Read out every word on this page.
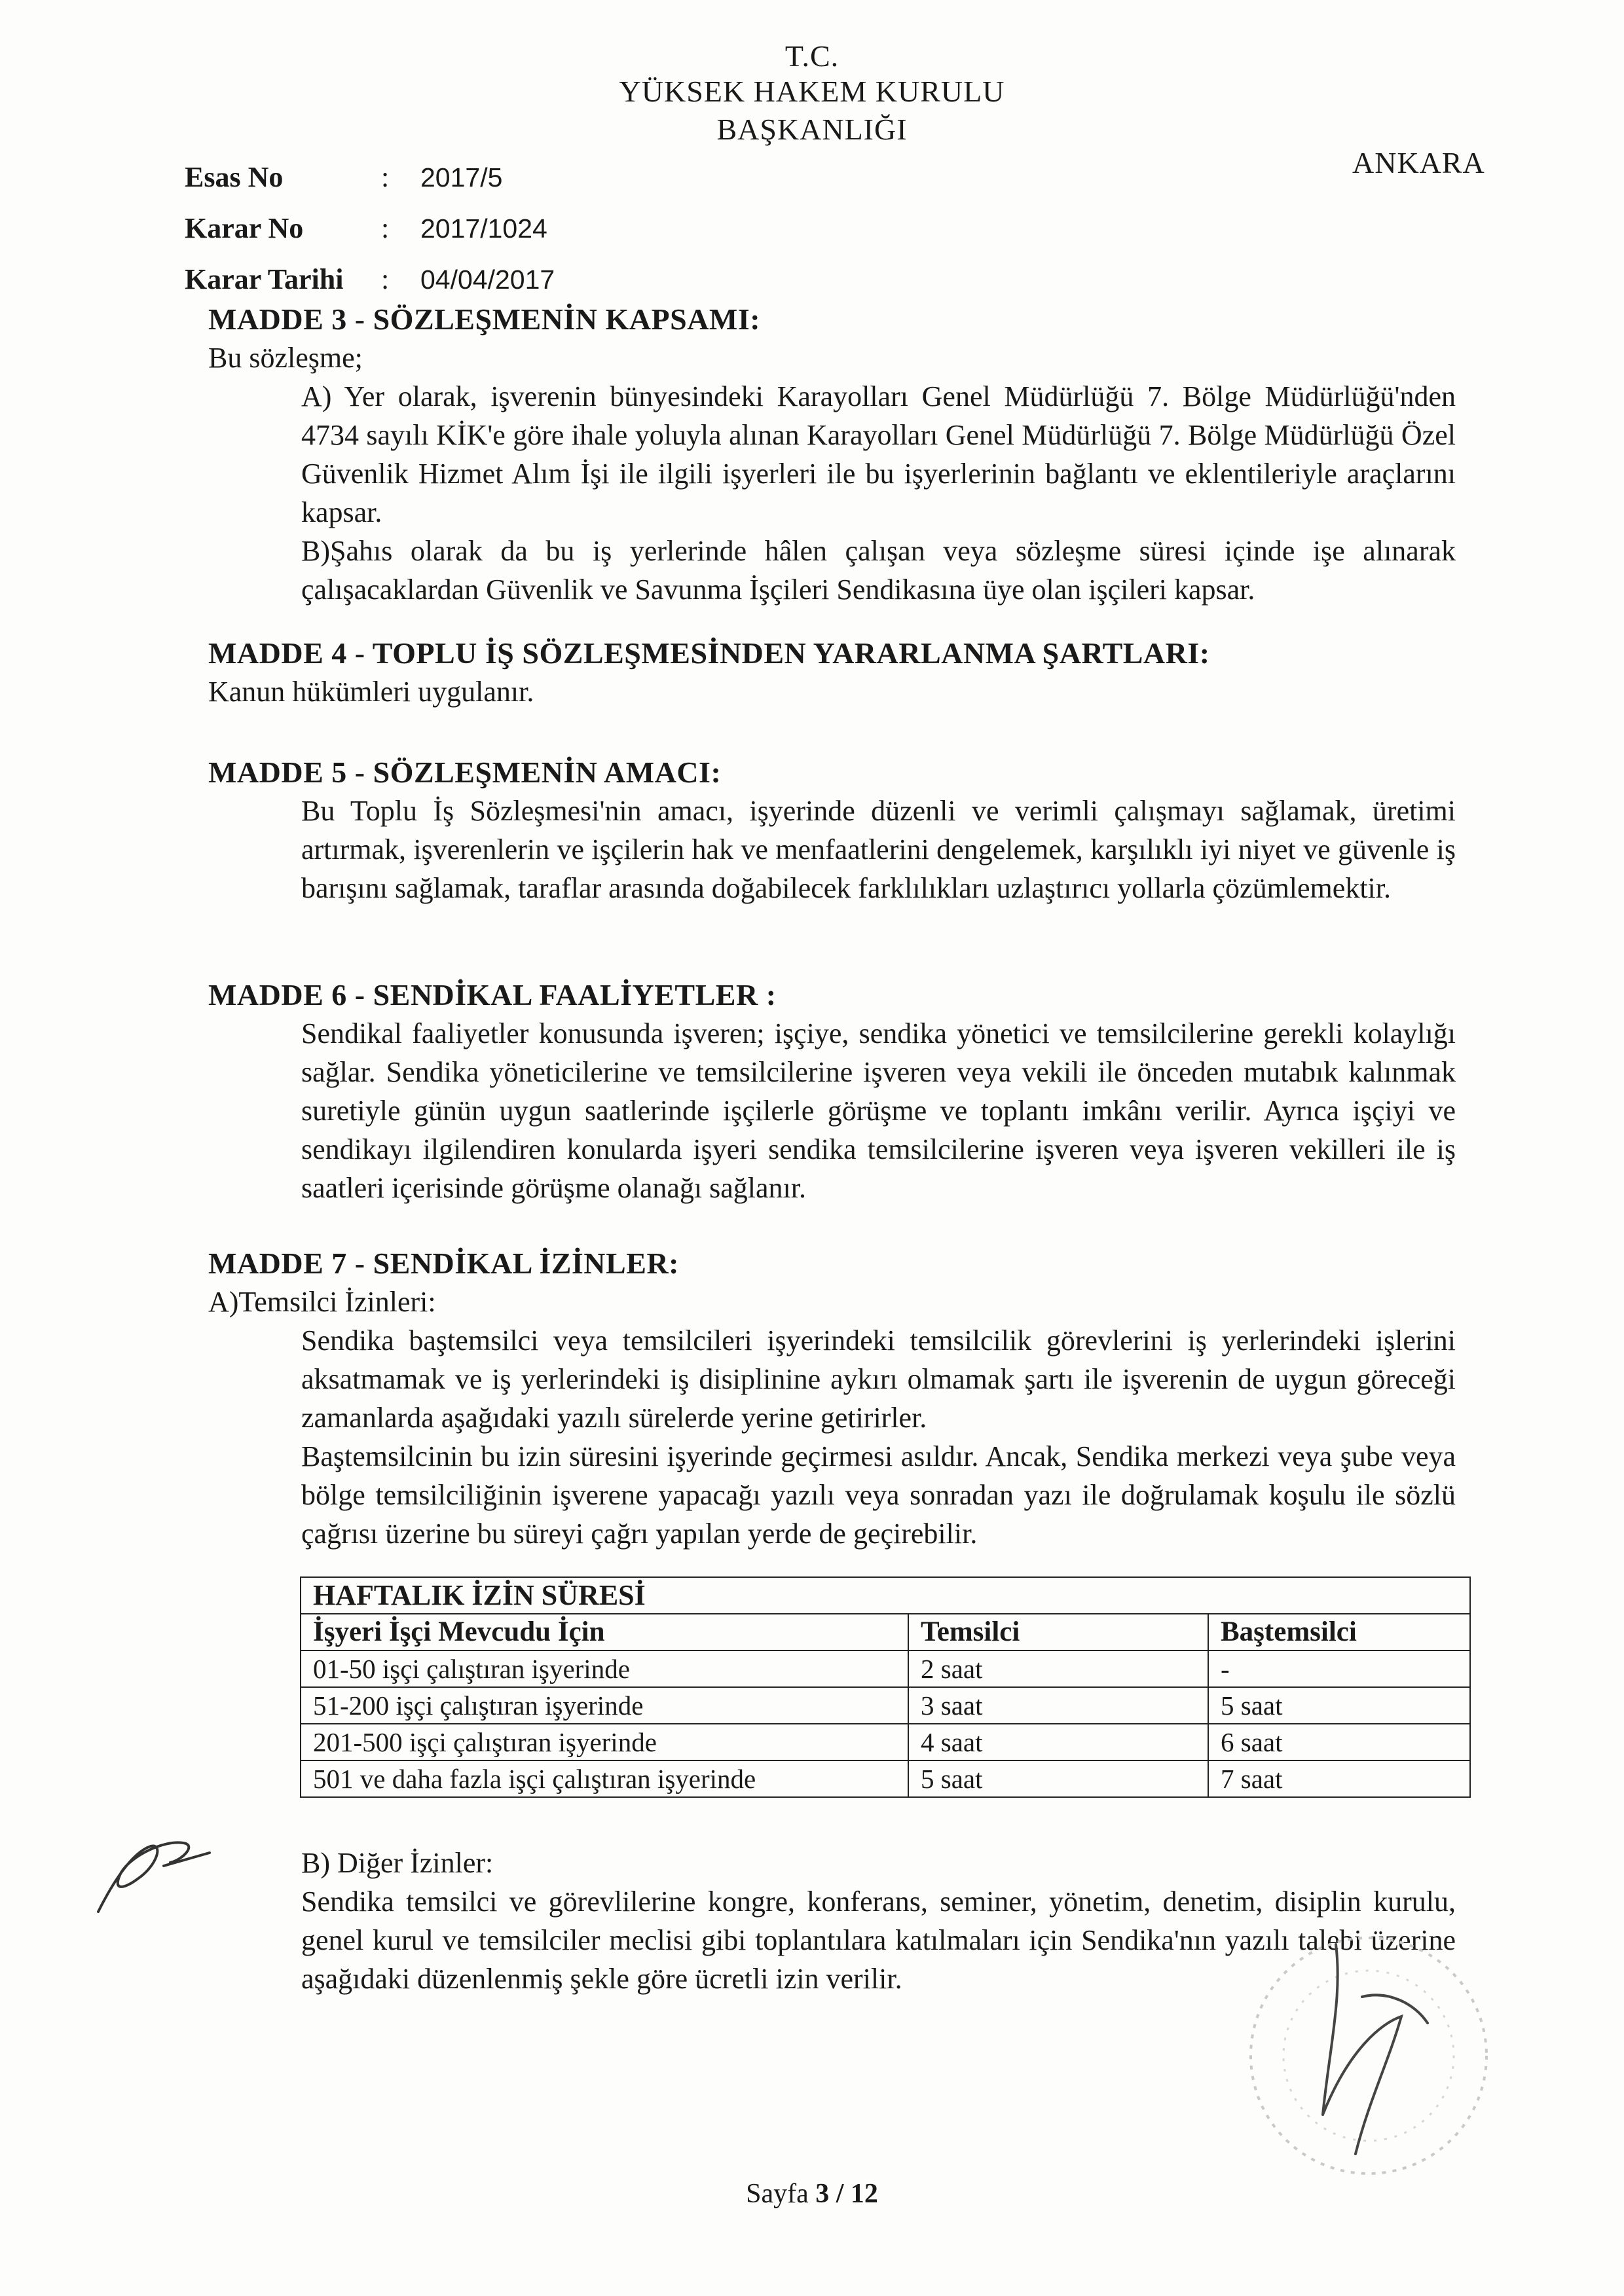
T.C.
YÜKSEK HAKEM KURULU
BAŞKANLIĞI
ANKARA
Esas No	:	2017/5
Karar No	:	2017/1024
Karar Tarihi	:	04/04/2017
MADDE 3 - SÖZLEŞMENİN KAPSAMI:

Bu sözleşme;

A) Yer olarak, işverenin bünyesindeki Karayolları Genel Müdürlüğü 7. Bölge Müdürlüğü'nden 4734 sayılı KİK'e göre ihale yoluyla alınan Karayolları Genel Müdürlüğü 7. Bölge Müdürlüğü Özel Güvenlik Hizmet Alım İşi ile ilgili işyerleri ile bu işyerlerinin bağlantı ve eklentileriyle araçlarını kapsar.

B)Şahıs olarak da bu iş yerlerinde hâlen çalışan veya sözleşme süresi içinde işe alınarak çalışacaklardan Güvenlik ve Savunma İşçileri Sendikasına üye olan işçileri kapsar.

MADDE 4 - TOPLU İŞ SÖZLEŞMESİNDEN YARARLANMA ŞARTLARI:

Kanun hükümleri uygulanır.

MADDE 5 - SÖZLEŞMENİN AMACI:

Bu Toplu İş Sözleşmesi'nin amacı, işyerinde düzenli ve verimli çalışmayı sağlamak, üretimi artırmak, işverenlerin ve işçilerin hak ve menfaatlerini dengelemek, karşılıklı iyi niyet ve güvenle iş barışını sağlamak, taraflar arasında doğabilecek farklılıkları uzlaştırıcı yollarla çözümlemektir.

MADDE 6 - SENDİKAL FAALİYETLER :

Sendikal faaliyetler konusunda işveren; işçiye, sendika yönetici ve temsilcilerine gerekli kolaylığı sağlar. Sendika yöneticilerine ve temsilcilerine işveren veya vekili ile önceden mutabık kalınmak suretiyle günün uygun saatlerinde işçilerle görüşme ve toplantı imkânı verilir. Ayrıca işçiyi ve sendikayı ilgilendiren konularda işyeri sendika temsilcilerine işveren veya işveren vekilleri ile iş saatleri içerisinde görüşme olanağı sağlanır.

MADDE 7 - SENDİKAL İZİNLER:

A)Temsilci İzinleri:

Sendika baştemsilci veya temsilcileri işyerindeki temsilcilik görevlerini iş yerlerindeki işlerini aksatmamak ve iş yerlerindeki iş disiplinine aykırı olmamak şartı ile işverenin de uygun göreceği zamanlarda aşağıdaki yazılı sürelerde yerine getirirler.

Baştemsilcinin bu izin süresini işyerinde geçirmesi asıldır. Ancak, Sendika merkezi veya şube veya bölge temsilciliğinin işverene yapacağı yazılı veya sonradan yazı ile doğrulamak koşulu ile sözlü çağrısı üzerine bu süreyi çağrı yapılan yerde de geçirebilir.

HAFTALIK İZİN SÜRESİ		
İşyeri İşçi Mevcudu İçin	Temsilci	Baştemsilci
01-50 işçi çalıştıran işyerinde	2 saat	-
51-200 işçi çalıştıran işyerinde	3 saat	5 saat
201-500 işçi çalıştıran işyerinde	4 saat	6 saat
501 ve daha fazla işçi çalıştıran işyerinde	5 saat	7 saat

B) Diğer İzinler:

Sendika temsilci ve görevlilerine kongre, konferans, seminer, yönetim, denetim, disiplin kurulu, genel kurul ve temsilciler meclisi gibi toplantılara katılmaları için Sendika'nın yazılı talebi üzerine aşağıdaki düzenlenmiş şekle göre ücretli izin verilir.

Sayfa 3 / 12
